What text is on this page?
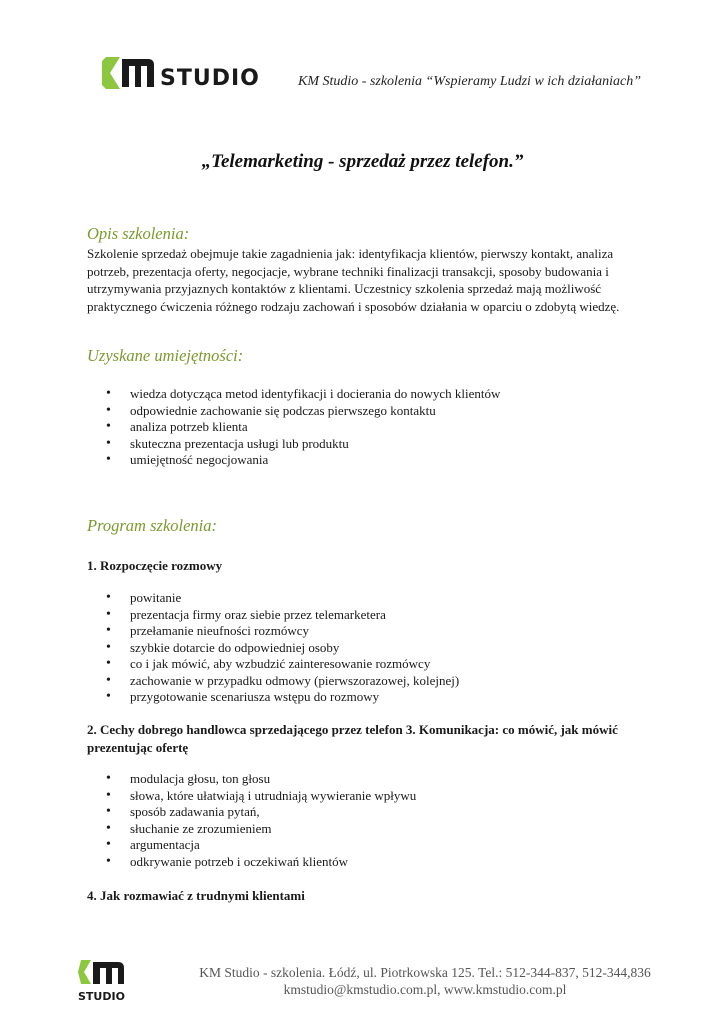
STUDIO	KM Studio - szkolenia “Wspieramy Ludzi w ich działaniach”
„Telemarketing - sprzedaż przez telefon.”
Opis szkolenia:
Szkolenie sprzedaż obejmuje takie zagadnienia jak: identyfikacja klientów, pierwszy kontakt, analiza potrzeb, prezentacja oferty, negocjacje, wybrane techniki finalizacji transakcji, sposoby budowania i utrzymywania przyjaznych kontaktów z klientami. Uczestnicy szkolenia sprzedaż mają możliwość praktycznego ćwiczenia różnego rodzaju zachowań i sposobów działania w oparciu o zdobytą wiedzę.
Uzyskane umiejętności:
• wiedza dotycząca metod identyfikacji i docierania do nowych klientów
• odpowiednie zachowanie się podczas pierwszego kontaktu
• analiza potrzeb klienta
• skuteczna prezentacja usługi lub produktu
• umiejętność negocjowania
Program szkolenia:
1. Rozpoczęcie rozmowy
• powitanie
• prezentacja firmy oraz siebie przez telemarketera
• przełamanie nieufności rozmówcy
• szybkie dotarcie do odpowiedniej osoby
• co i jak mówić, aby wzbudzić zainteresowanie rozmówcy
• zachowanie w przypadku odmowy (pierwszorazowej, kolejnej)
• przygotowanie scenariusza wstępu do rozmowy
2. Cechy dobrego handlowca sprzedającego przez telefon 3. Komunikacja: co mówić, jak mówić prezentując ofertę
• modulacja głosu, ton głosu
• słowa, które ułatwiają i utrudniają wywieranie wpływu
• sposób zadawania pytań,
• słuchanie ze zrozumieniem
• argumentacja
• odkrywanie potrzeb i oczekiwań klientów
4. Jak rozmawiać z trudnymi klientami
STUDIO
KM Studio - szkolenia. Łódź, ul. Piotrkowska 125. Tel.: 512-344-837, 512-344,836
kmstudio@kmstudio.com.pl, www.kmstudio.com.pl
